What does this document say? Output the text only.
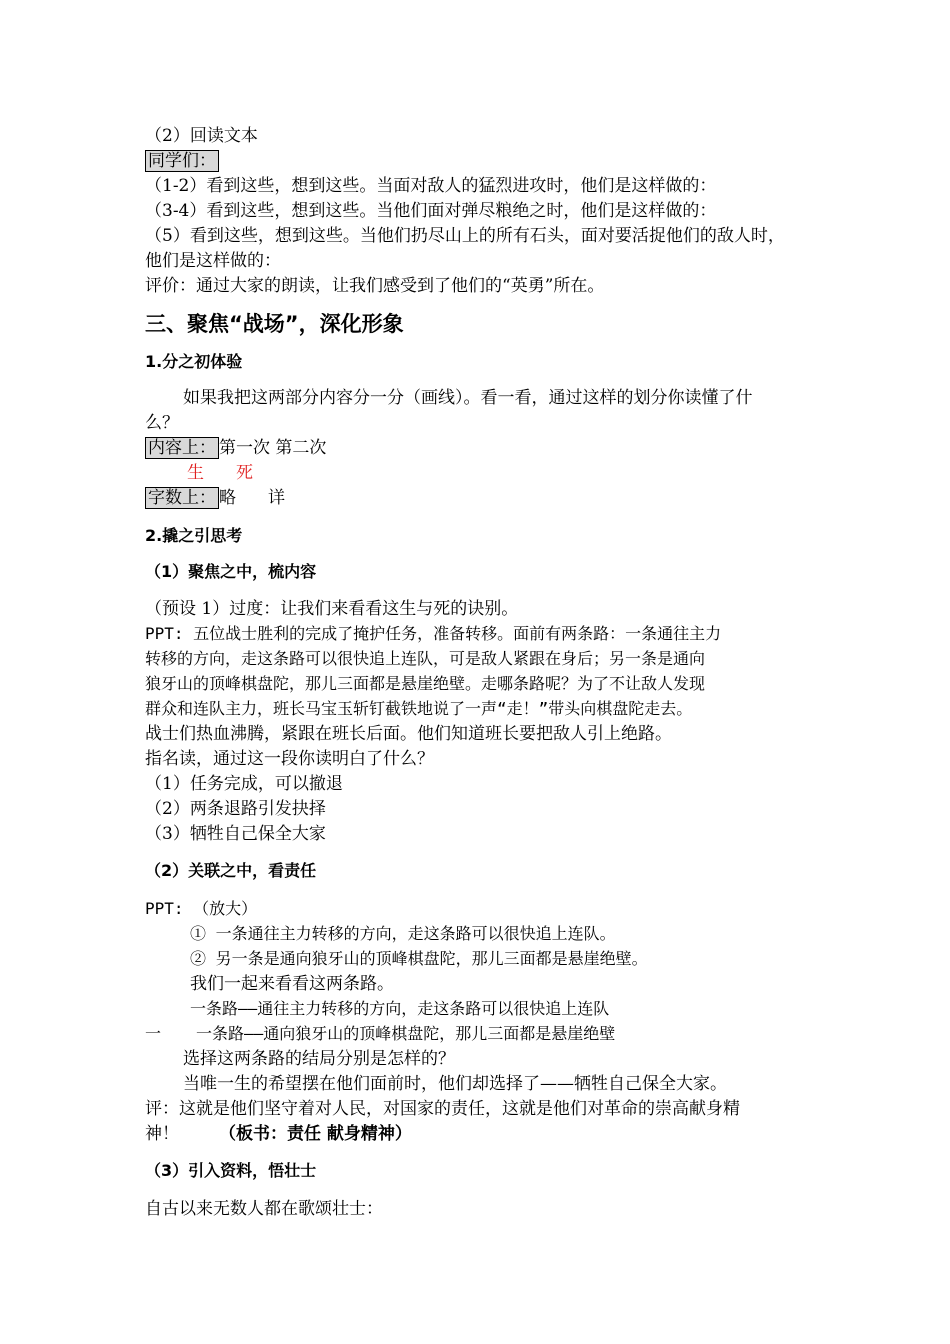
（2）回读文本
同学们：
（1-2）看到这些，想到这些。当面对敌人的猛烈进攻时，他们是这样做的：
（3-4）看到这些，想到这些。当他们面对弹尽粮绝之时，他们是这样做的：
（5）看到这些，想到这些。当他们扔尽山上的所有石头，面对要活捉他们的敌人时，
他们是这样做的：
评价：通过大家的朗读，让我们感受到了他们的“英勇”所在。
三、聚焦“战场”，深化形象
1.分之初体验
如果我把这两部分内容分一分（画线）。看一看，通过这样的划分你读懂了什
么？
内容上： 第一次 第二次
生 死
字数上： 略 详
2.撬之引思考
（1）聚焦之中，梳内容
（预设 1）过度：让我们来看看这生与死的诀别。
PPT: 五位战士胜利的完成了掩护任务，准备转移。面前有两条路：一条通往主力
转移的方向，走这条路可以很快追上连队，可是敌人紧跟在身后；另一条是通向
狼牙山的顶峰棋盘陀，那儿三面都是悬崖绝壁。走哪条路呢？为了不让敌人发现
群众和连队主力，班长马宝玉斩钉截铁地说了一声“走！”带头向棋盘陀走去。
战士们热血沸腾，紧跟在班长后面。他们知道班长要把敌人引上绝路。
指名读，通过这一段你读明白了什么？
（1）任务完成，可以撤退
（2）两条退路引发抉择
（3）牺牲自己保全大家
（2）关联之中，看责任
PPT: （放大）
① 一条通往主力转移的方向，走这条路可以很快追上连队。
② 另一条是通向狼牙山的顶峰棋盘陀，那儿三面都是悬崖绝壁。
我们一起来看看这两条路。
一条路——通往主力转移的方向，走这条路可以很快追上连队
一 一条路——通向狼牙山的顶峰棋盘陀，那儿三面都是悬崖绝壁
选择这两条路的结局分别是怎样的？
当唯一生的希望摆在他们面前时，他们却选择了——牺牲自己保全大家。
评：这就是他们坚守着对人民，对国家的责任，这就是他们对革命的崇高献身精
神！ （板书：责任 献身精神）
（3）引入资料，悟壮士
自古以来无数人都在歌颂壮士：
